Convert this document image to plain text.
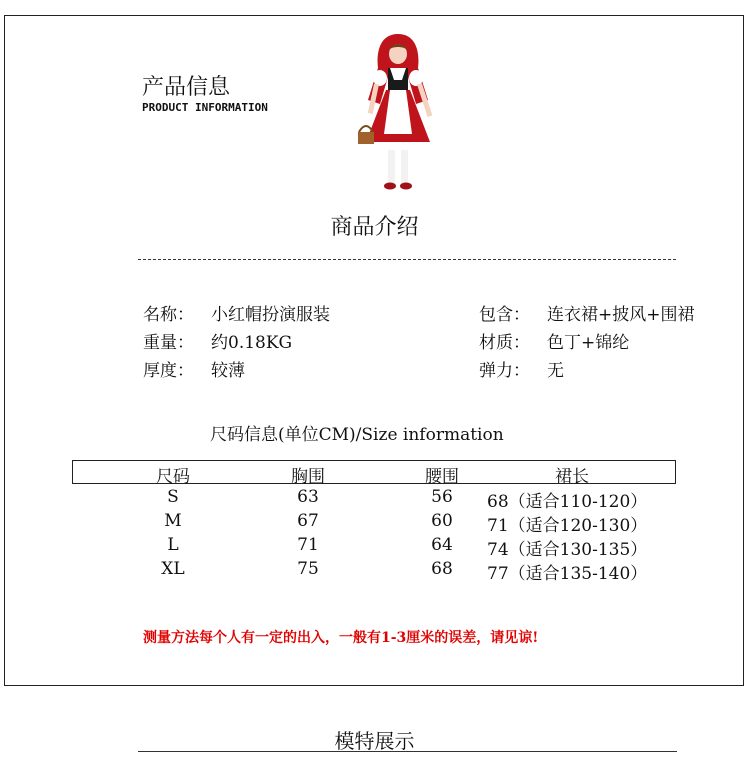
产品信息
PRODUCT INFORMATION
商品介绍
名称： 小红帽扮演服装
重量： 约0.18KG
厚度： 较薄
包含： 连衣裙+披风+围裙
材质： 色丁+锦纶
弹力： 无
尺码信息(单位CM)/Size information
尺码	胸围	腰围	裙长
S	63	56	68（适合110-120）
M	67	60	71（适合120-130）
L	71	64	74（适合130-135）
XL	75	68	77（适合135-140）
测量方法每个人有一定的出入，一般有1-3厘米的误差，请见谅!
模特展示
